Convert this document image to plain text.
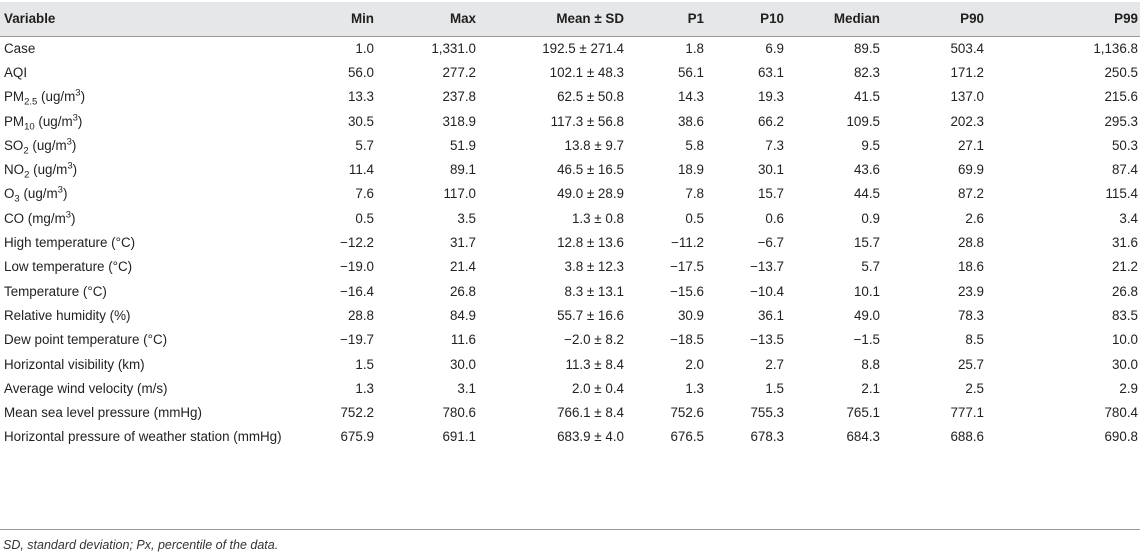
Variable	Min	Max	Mean ± SD	P1	P10	Median	P90	P99
Case	1.0	1,331.0	192.5 ± 271.4	1.8	6.9	89.5	503.4	1,136.8
AQI	56.0	277.2	102.1 ± 48.3	56.1	63.1	82.3	171.2	250.5
$PM_{2.5}$ $(ug/m^3)$	13.3	237.8	62.5 ± 50.8	14.3	19.3	41.5	137.0	215.6
$PM_{10}$ $(ug/m^3)$	30.5	318.9	117.3 ± 56.8	38.6	66.2	109.5	202.3	295.3
$SO_2$ $(ug/m^3)$	5.7	51.9	13.8 ± 9.7	5.8	7.3	9.5	27.1	50.3
$NO_2$ $(ug/m^3)$	11.4	89.1	46.5 ± 16.5	18.9	30.1	43.6	69.9	87.4
$O_3$ $(ug/m^3)$	7.6	117.0	49.0 ± 28.9	7.8	15.7	44.5	87.2	115.4
CO $(mg/m^3)$	0.5	3.5	1.3 ± 0.8	0.5	0.6	0.9	2.6	3.4
High temperature (°C)	−12.2	31.7	12.8 ± 13.6	−11.2	−6.7	15.7	28.8	31.6
Low temperature (°C)	−19.0	21.4	3.8 ± 12.3	−17.5	−13.7	5.7	18.6	21.2
Temperature (°C)	−16.4	26.8	8.3 ± 13.1	−15.6	−10.4	10.1	23.9	26.8
Relative humidity (%)	28.8	84.9	55.7 ± 16.6	30.9	36.1	49.0	78.3	83.5
Dew point temperature (°C)	−19.7	11.6	−2.0 ± 8.2	−18.5	−13.5	−1.5	8.5	10.0
Horizontal visibility (km)	1.5	30.0	11.3 ± 8.4	2.0	2.7	8.8	25.7	30.0
Average wind velocity (m/s)	1.3	3.1	2.0 ± 0.4	1.3	1.5	2.1	2.5	2.9
Mean sea level pressure (mmHg)	752.2	780.6	766.1 ± 8.4	752.6	755.3	765.1	777.1	780.4
Horizontal pressure of weather station (mmHg)	675.9	691.1	683.9 ± 4.0	676.5	678.3	684.3	688.6	690.8
SD, standard deviation; Px, percentile of the data.
